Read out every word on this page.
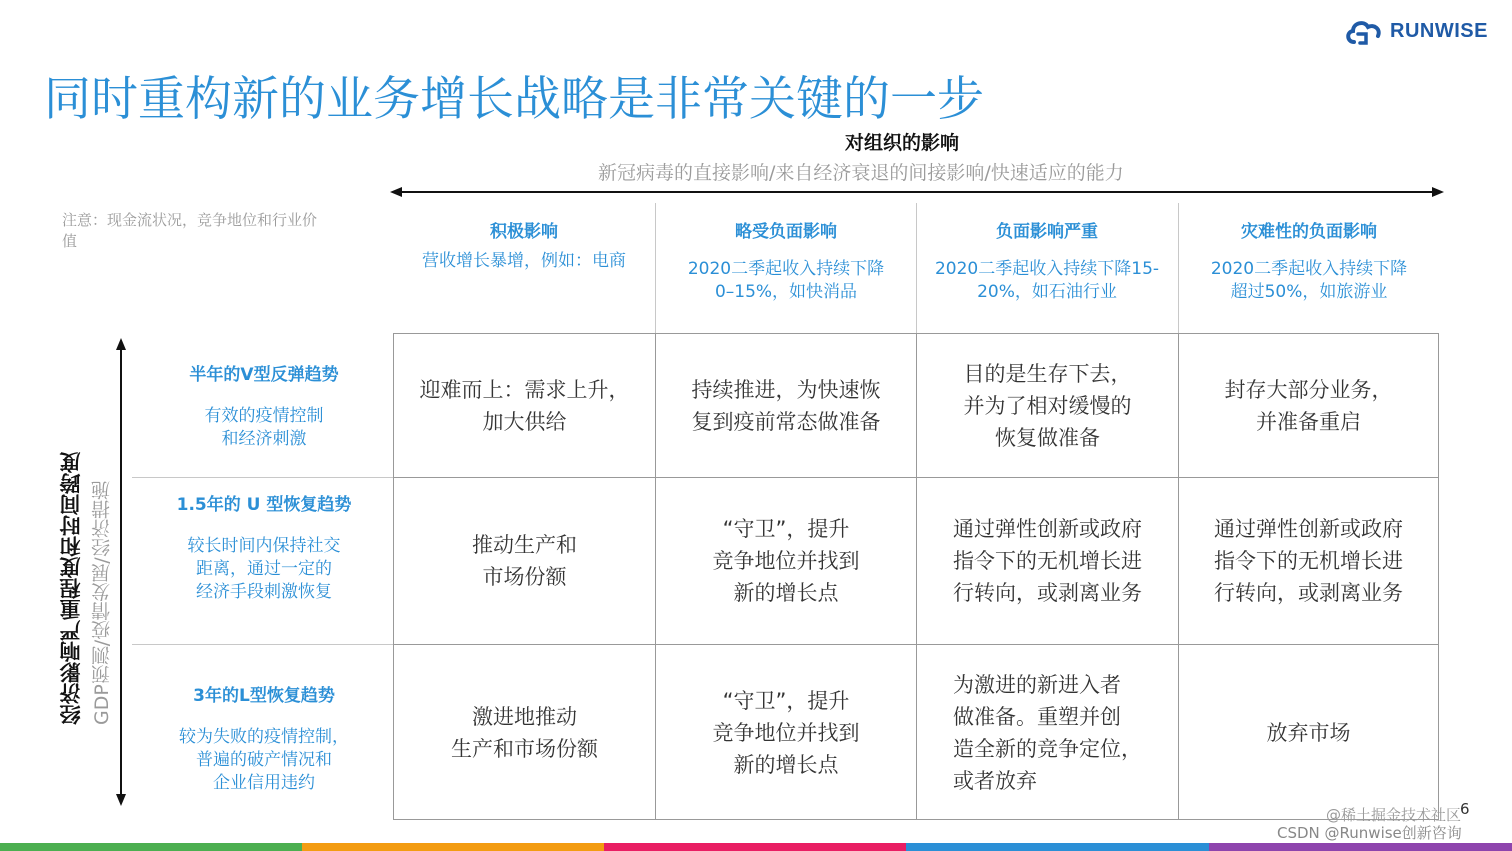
RUNWISE
同时重构新的业务增长战略是非常关键的一步
对组织的影响
新冠病毒的直接影响/来自经济衰退的间接影响/快速适应的能力
注意：现金流状况，竞争地位和行业价值
经济影响严重程度和时间跨度 GDP预测/疫情发展/经济措施
积极影响
营收增长暴增，例如：电商
略受负面影响
2020二季起收入持续下降
0–15%，如快消品
负面影响严重
2020二季起收入持续下降15-
20%，如石油行业
灾难性的负面影响
2020二季起收入持续下降
超过50%，如旅游业
半年的V型反弹趋势
有效的疫情控制
和经济刺激
1.5年的 U 型恢复趋势
较长时间内保持社交
距离，通过一定的
经济手段刺激恢复
3年的L型恢复趋势
较为失败的疫情控制，
普遍的破产情况和
企业信用违约
迎难而上：需求上升，
加大供给
持续推进，为快速恢
复到疫前常态做准备
目的是生存下去，
并为了相对缓慢的
恢复做准备
封存大部分业务，
并准备重启
推动生产和
市场份额
“守卫”，提升
竞争地位并找到
新的增长点
通过弹性创新或政府
指令下的无机增长进
行转向，或剥离业务
通过弹性创新或政府
指令下的无机增长进
行转向，或剥离业务
激进地推动
生产和市场份额
“守卫”，提升
竞争地位并找到
新的增长点
为激进的新进入者
做准备。重塑并创
造全新的竞争定位，
或者放弃
放弃市场
6
@稀土掘金技术社区
CSDN @Runwise创新咨询
